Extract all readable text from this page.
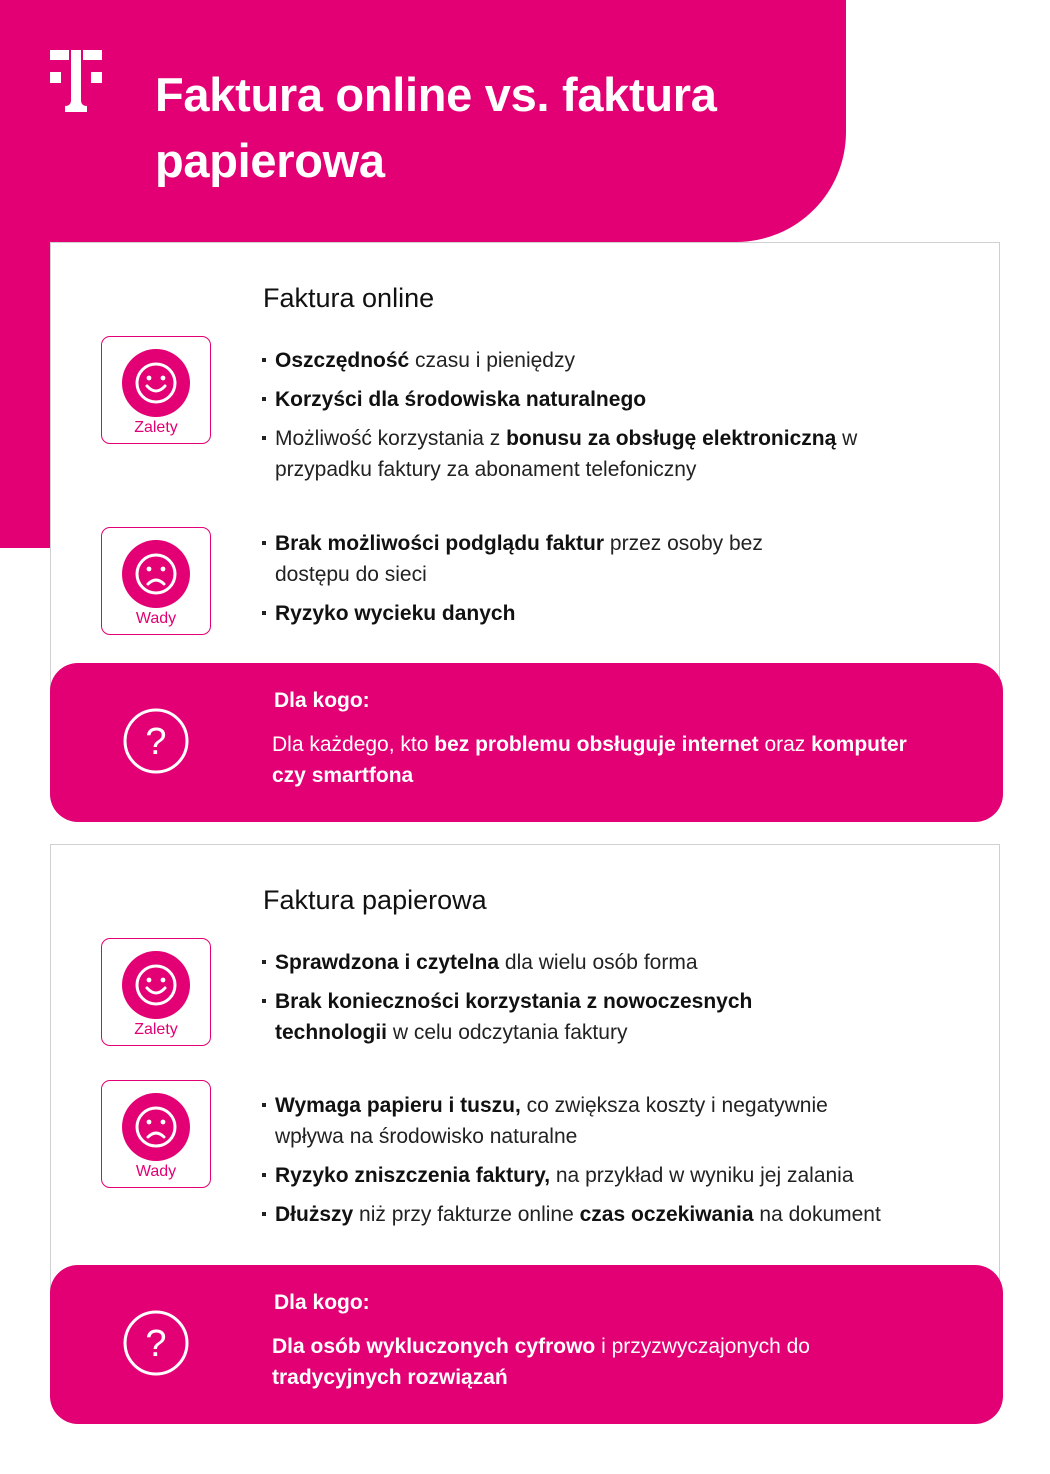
Faktura online vs. faktura papierowa
Faktura online
Zalety
Oszczędność czasu i pieniędzy
Korzyści dla środowiska naturalnego
Możliwość korzystania z bonusu za obsługę elektroniczną w przypadku faktury za abonament telefoniczny
Wady
Brak możliwości podglądu faktur przez osoby bez dostępu do sieci
Ryzyko wycieku danych
?

Dla kogo:

Dla każdego, kto bez problemu obsługuje internet oraz komputer czy smartfona

Faktura papierowa
Zalety
Sprawdzona i czytelna dla wielu osób forma
Brak konieczności korzystania z nowoczesnych technologii w celu odczytania faktury
Wady
Wymaga papieru i tuszu, co zwiększa koszty i negatywnie wpływa na środowisko naturalne
Ryzyko zniszczenia faktury, na przykład w wyniku jej zalania
Dłuższy niż przy fakturze online czas oczekiwania na dokument
?

Dla kogo:

Dla osób wykluczonych cyfrowo i przyzwyczajonych do tradycyjnych rozwiązań
